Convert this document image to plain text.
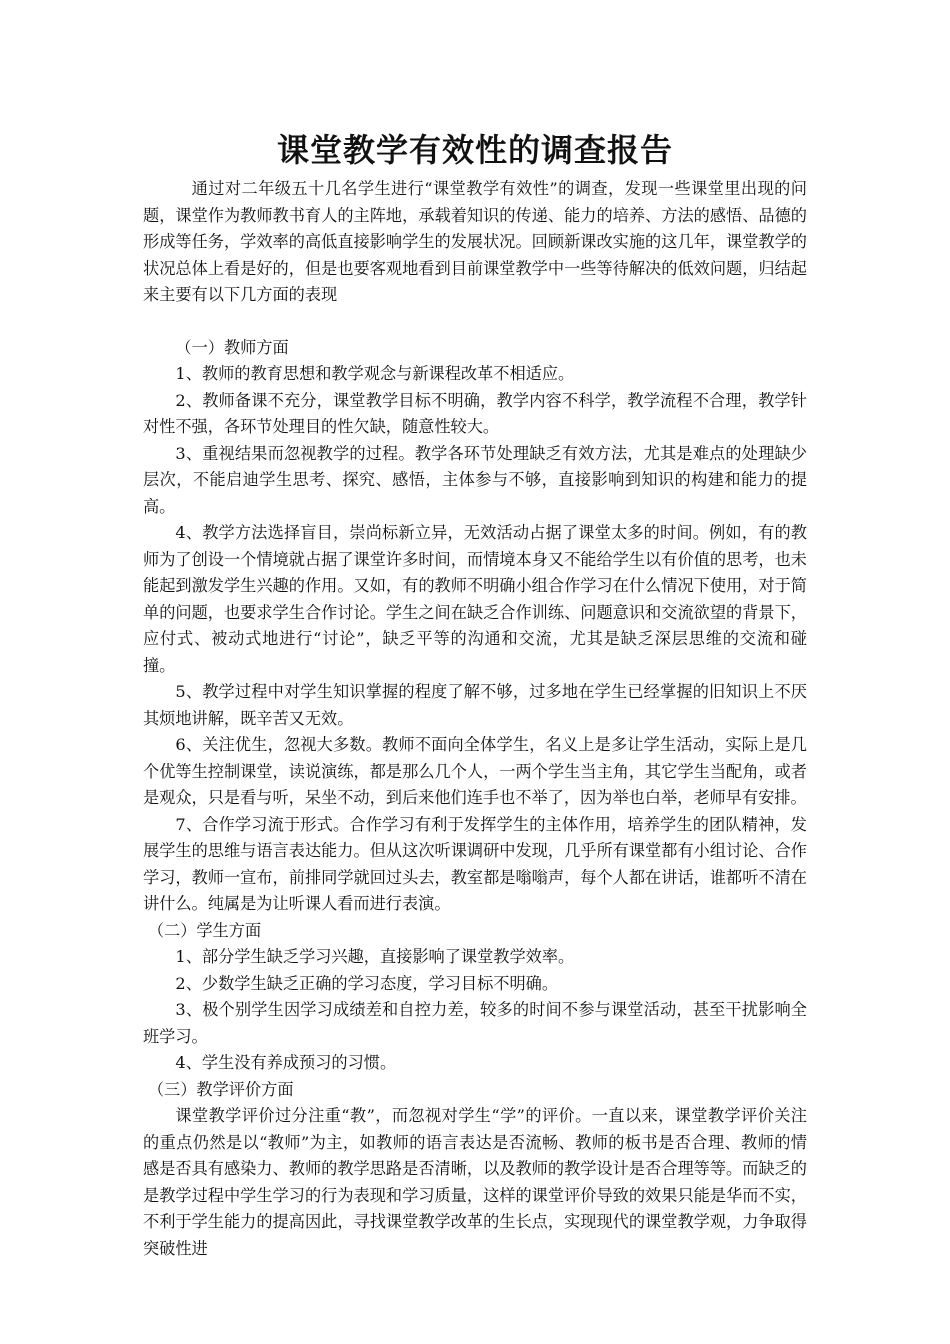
课堂教学有效性的调查报告

通过对二年级五十几名学生进行“课堂教学有效性”的调查，发现一些课堂里出现的问题，课堂作为教师教书育人的主阵地，承载着知识的传递、能力的培养、方法的感悟、品德的形成等任务，学效率的高低直接影响学生的发展状况。回顾新课改实施的这几年，课堂教学的状况总体上看是好的，但是也要客观地看到目前课堂教学中一些等待解决的低效问题，归结起来主要有以下几方面的表现

（一）教师方面

1、教师的教育思想和教学观念与新课程改革不相适应。

2、教师备课不充分，课堂教学目标不明确，教学内容不科学，教学流程不合理，教学针对性不强，各环节处理目的性欠缺，随意性较大。

3、重视结果而忽视教学的过程。教学各环节处理缺乏有效方法，尤其是难点的处理缺少层次，不能启迪学生思考、探究、感悟，主体参与不够，直接影响到知识的构建和能力的提高。

4、教学方法选择盲目，崇尚标新立异，无效活动占据了课堂太多的时间。例如，有的教师为了创设一个情境就占据了课堂许多时间，而情境本身又不能给学生以有价值的思考，也未能起到激发学生兴趣的作用。又如，有的教师不明确小组合作学习在什么情况下使用，对于简单的问题，也要求学生合作讨论。学生之间在缺乏合作训练、问题意识和交流欲望的背景下，应付式、被动式地进行“讨论”，缺乏平等的沟通和交流，尤其是缺乏深层思维的交流和碰撞。

5、教学过程中对学生知识掌握的程度了解不够，过多地在学生已经掌握的旧知识上不厌其烦地讲解，既辛苦又无效。

6、关注优生，忽视大多数。教师不面向全体学生，名义上是多让学生活动，实际上是几个优等生控制课堂，读说演练，都是那么几个人，一两个学生当主角，其它学生当配角，或者是观众，只是看与听，呆坐不动，到后来他们连手也不举了，因为举也白举，老师早有安排。

7、合作学习流于形式。合作学习有利于发挥学生的主体作用，培养学生的团队精神，发展学生的思维与语言表达能力。但从这次听课调研中发现，几乎所有课堂都有小组讨论、合作学习，教师一宣布，前排同学就回过头去，教室都是嗡嗡声，每个人都在讲话，谁都听不清在讲什么。纯属是为让听课人看而进行表演。

（二）学生方面

1、部分学生缺乏学习兴趣，直接影响了课堂教学效率。

2、少数学生缺乏正确的学习态度，学习目标不明确。

3、极个别学生因学习成绩差和自控力差，较多的时间不参与课堂活动，甚至干扰影响全班学习。

4、学生没有养成预习的习惯。

（三）教学评价方面

课堂教学评价过分注重“教”，而忽视对学生“学”的评价。一直以来，课堂教学评价关注的重点仍然是以“教师”为主，如教师的语言表达是否流畅、教师的板书是否合理、教师的情感是否具有感染力、教师的教学思路是否清晰，以及教师的教学设计是否合理等等。而缺乏的是教学过程中学生学习的行为表现和学习质量，这样的课堂评价导致的效果只能是华而不实，不利于学生能力的提高因此，寻找课堂教学改革的生长点，实现现代的课堂教学观，力争取得突破性进
